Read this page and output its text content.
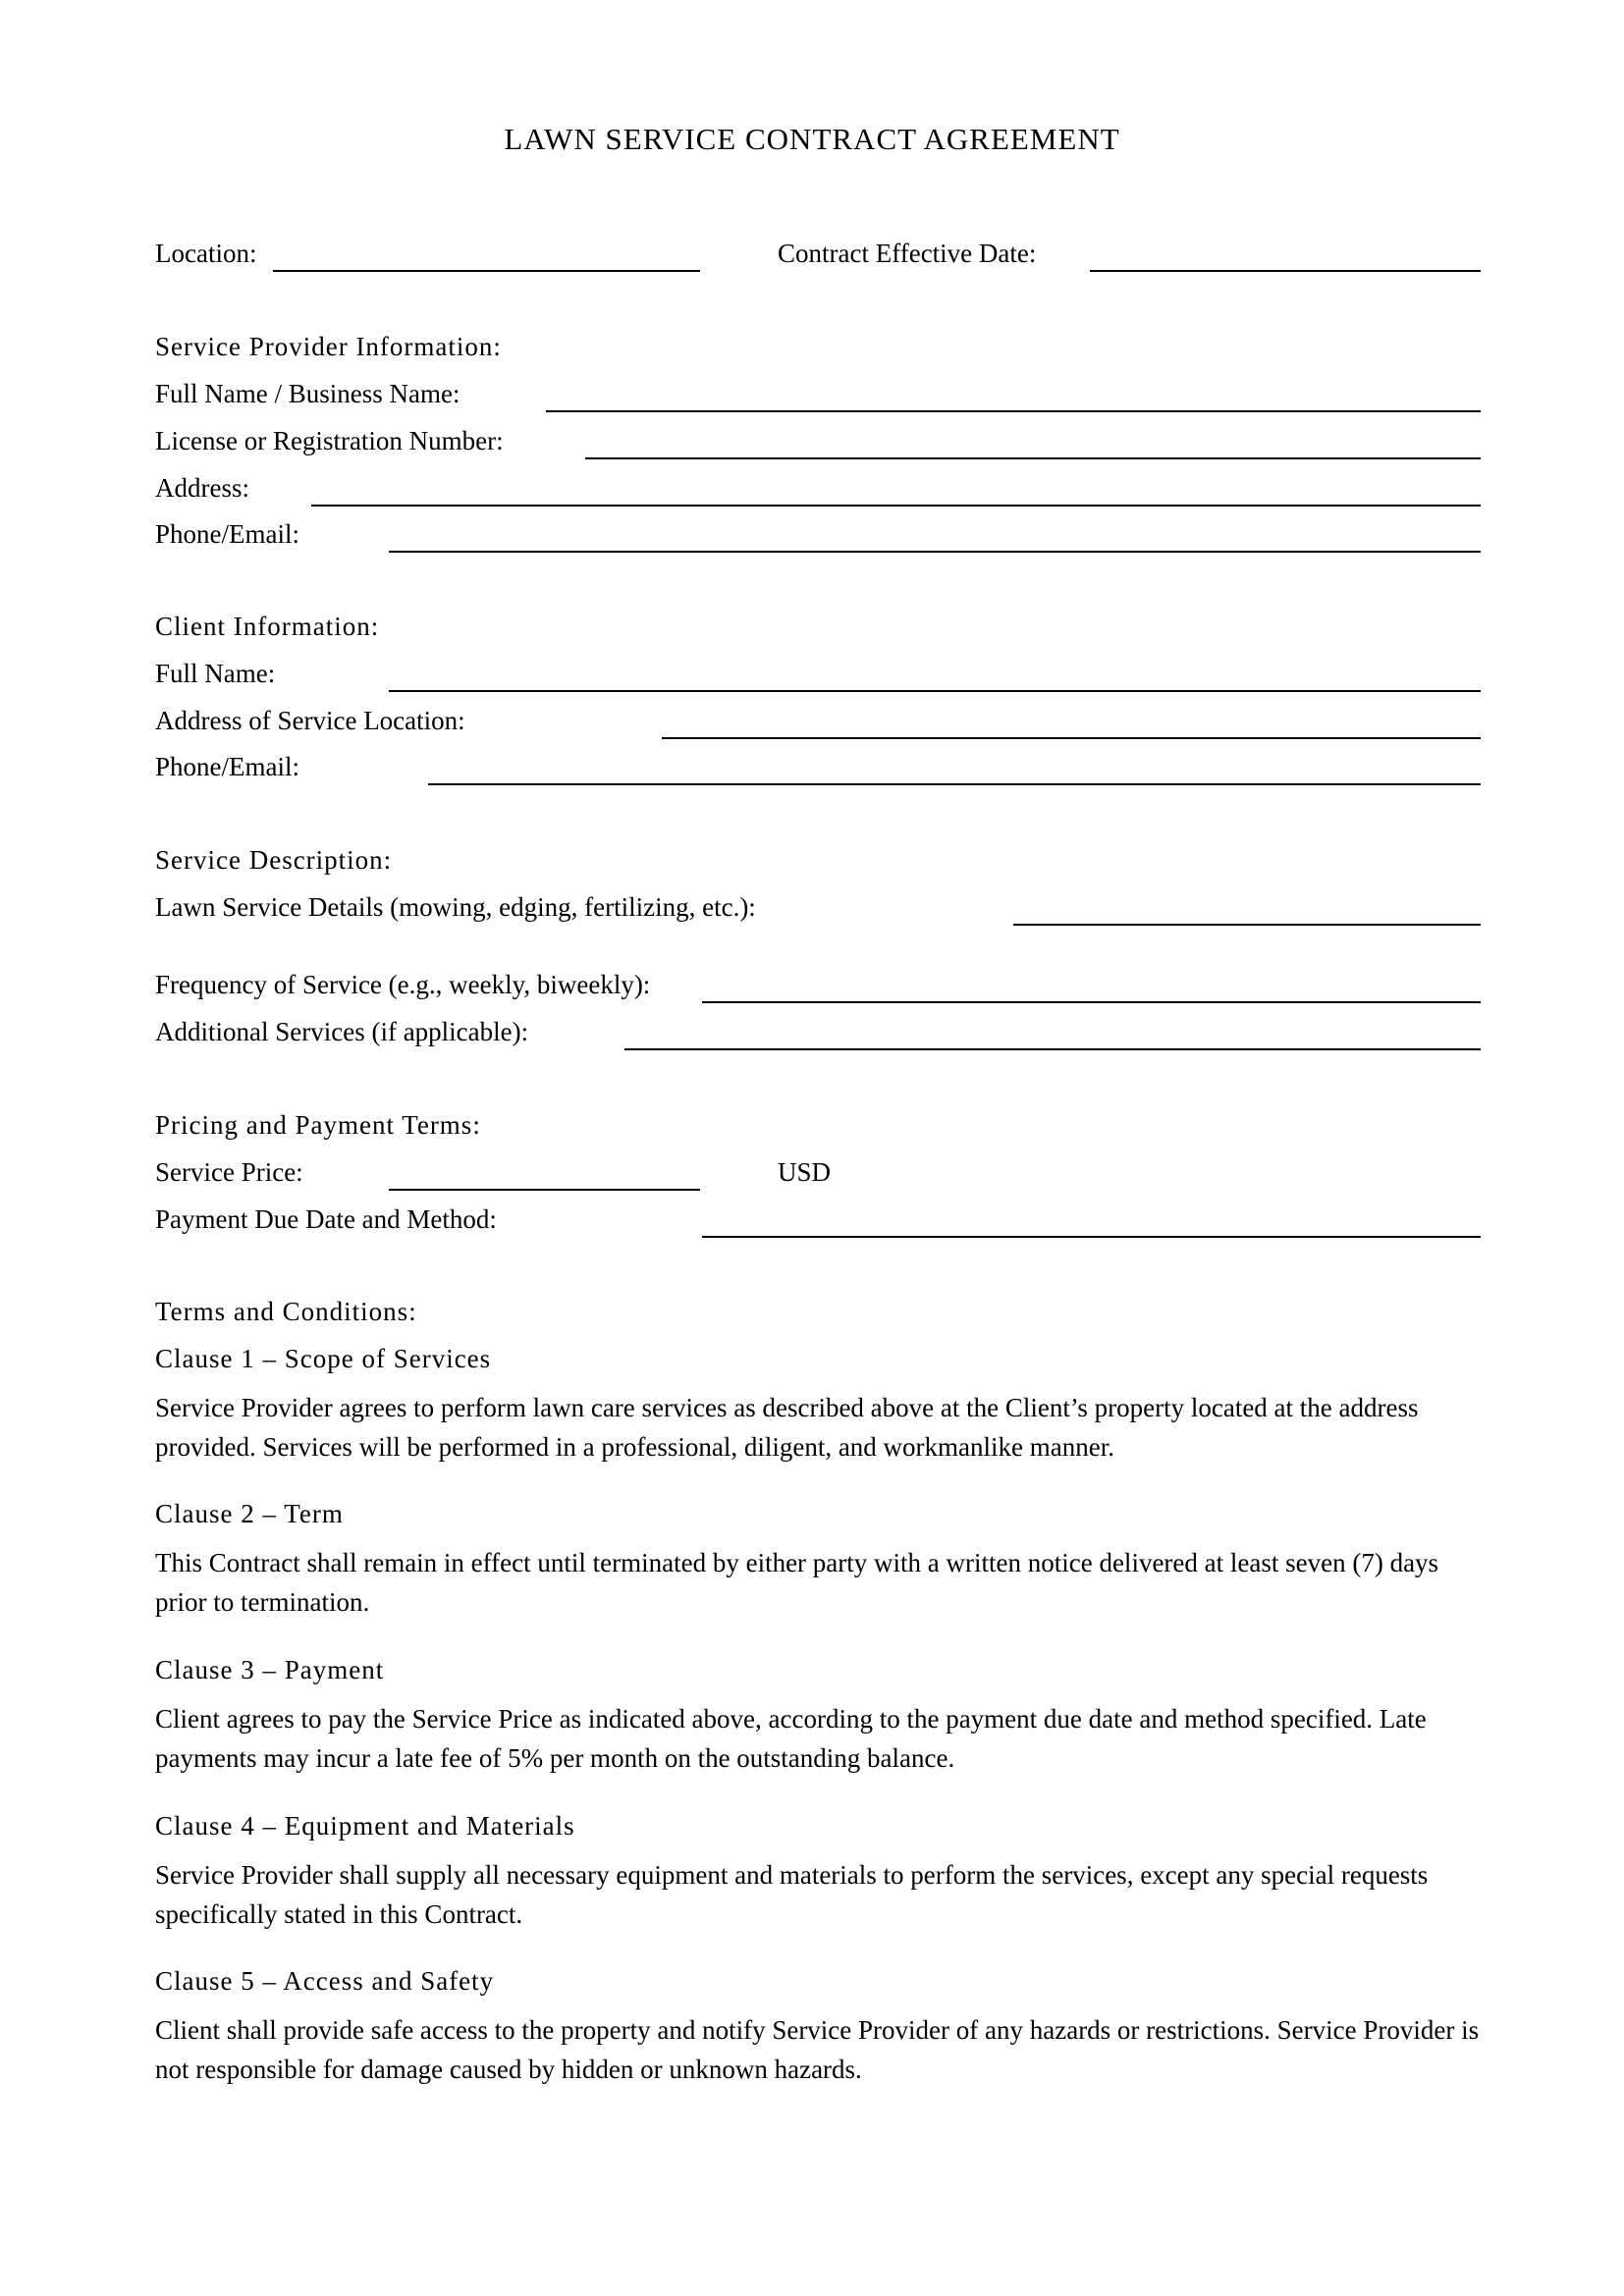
LAWN SERVICE CONTRACT AGREEMENT
Location:	Contract Effective Date:
Service Provider Information:
Full Name / Business Name:
License or Registration Number:
Address:
Phone/Email:
Client Information:
Full Name:
Address of Service Location:
Phone/Email:
Service Description:
Lawn Service Details (mowing, edging, fertilizing, etc.):
Frequency of Service (e.g., weekly, biweekly):
Additional Services (if applicable):
Pricing and Payment Terms:
Service Price:	USD
Payment Due Date and Method:
Terms and Conditions:
Clause 1 – Scope of Services
Service Provider agrees to perform lawn care services as described above at the Client’s property located at the address provided. Services will be performed in a professional, diligent, and workmanlike manner.
Clause 2 – Term
This Contract shall remain in effect until terminated by either party with a written notice delivered at least seven (7) days prior to termination.
Clause 3 – Payment
Client agrees to pay the Service Price as indicated above, according to the payment due date and method specified. Late payments may incur a late fee of 5% per month on the outstanding balance.
Clause 4 – Equipment and Materials
Service Provider shall supply all necessary equipment and materials to perform the services, except any special requests specifically stated in this Contract.
Clause 5 – Access and Safety
Client shall provide safe access to the property and notify Service Provider of any hazards or restrictions. Service Provider is not responsible for damage caused by hidden or unknown hazards.
